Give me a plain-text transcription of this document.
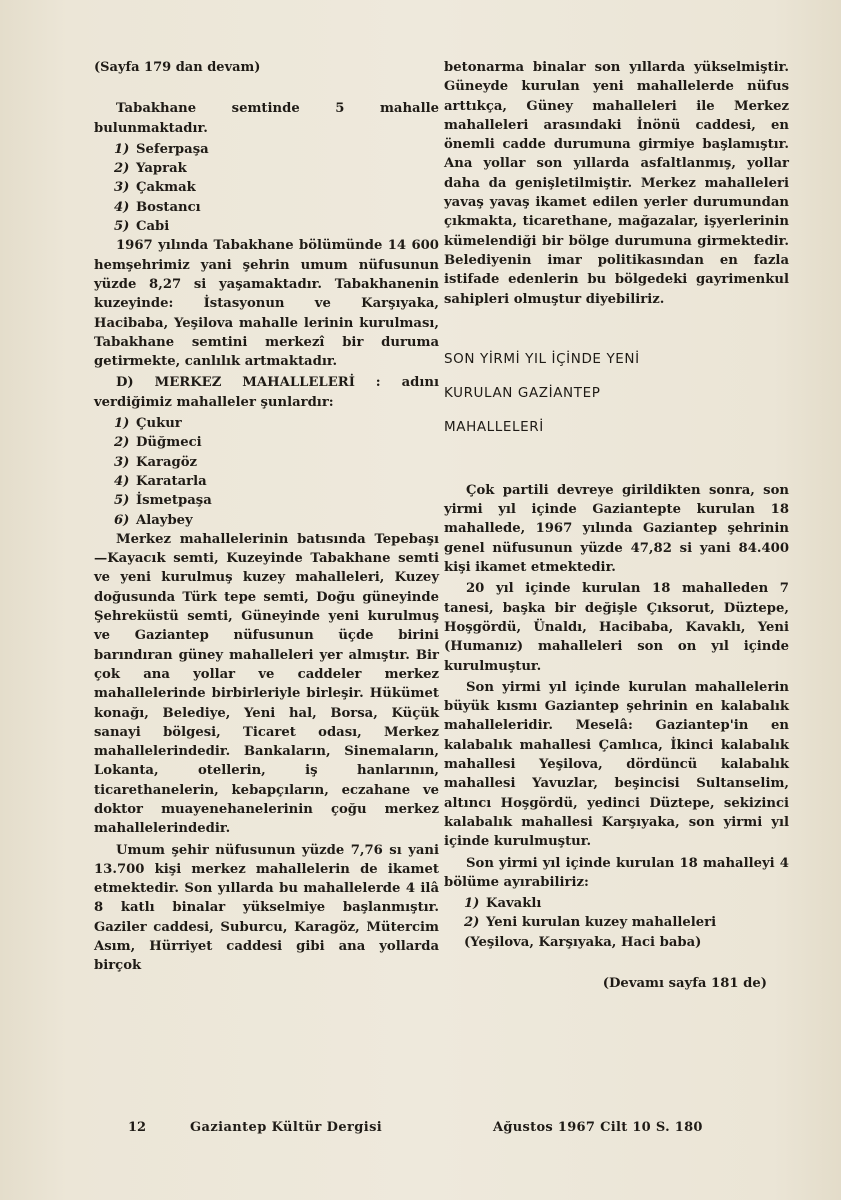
(Sayfa 179 dan devam)

Tabakhane semtinde 5 mahalle bulunmaktadır.

1) Seferpaşa
2) Yaprak
3) Çakmak
4) Bostancı
5) Cabi

1967 yılında Tabakhane bölümünde 14 600 hemşehrimiz yani şehrin umum nüfusunun yüzde 8,27 si yaşamaktadır. Tabakhanenin kuzeyinde: İstasyonun ve Karşıyaka, Hacibaba, Yeşilova mahalle lerinin kurulması, Tabakhane semtini merkezî bir duruma getirmekte, canlılık artmaktadır.

D) MERKEZ MAHALLELERİ : adını verdiğimiz mahalleler şunlardır:

1) Çukur
2) Düğmeci
3) Karagöz
4) Karatarla
5) İsmetpaşa
6) Alaybey

Merkez mahallelerinin batısında Tepebaşı—Kayacık semti, Kuzeyinde Tabakhane semti ve yeni kurulmuş kuzey mahalleleri, Kuzey doğusunda Türk tepe semti, Doğu güneyinde Şehreküstü semti, Güneyinde yeni kurulmuş ve Gaziantep nüfusunun üçde birini barındıran güney mahalleleri yer almıştır. Bir çok ana yollar ve caddeler merkez mahallelerinde birbirleriyle birleşir. Hükümet konağı, Belediye, Yeni hal, Borsa, Küçük sanayi bölgesi, Ticaret odası, Merkez mahallelerindedir. Bankaların, Sinemaların, Lokanta, otellerin, iş hanlarının, ticarethanelerin, kebapçıların, eczahane ve doktor muayenehanelerinin çoğu merkez mahallelerindedir.

Umum şehir nüfusunun yüzde 7,76 sı yani 13.700 kişi merkez mahallelerin de ikamet etmektedir. Son yıllarda bu mahallelerde 4 ilâ 8 katlı binalar yükselmiye başlanmıştır. Gaziler caddesi, Suburcu, Karagöz, Mütercim Asım, Hürriyet caddesi gibi ana yollarda birçok

betonarma binalar son yıllarda yükselmiştir. Güneyde kurulan yeni mahallelerde nüfus arttıkça, Güney mahalleleri ile Merkez mahalleleri arasındaki İnönü caddesi, en önemli cadde durumuna girmiye başlamıştır. Ana yollar son yıllarda asfaltlanmış, yollar daha da genişletilmiştir. Merkez mahalleleri yavaş yavaş ikamet edilen yerler durumundan çıkmakta, ticarethane, mağazalar, işyerlerinin kümelendiği bir bölge durumuna girmektedir. Belediyenin imar politikasından en fazla istifade edenlerin bu bölgedeki gayrimenkul sahipleri olmuştur diyebiliriz.

SON YİRMİ YIL İÇİNDE YENİ

KURULAN GAZİANTEP

MAHALLELERİ

Çok partili devreye girildikten sonra, son yirmi yıl içinde Gaziantepte kurulan 18 mahallede, 1967 yılında Gaziantep şehrinin genel nüfusunun yüzde 47,82 si yani 84.400 kişi ikamet etmektedir.

20 yıl içinde kurulan 18 mahalleden 7 tanesi, başka bir değişle Çıksorut, Düztepe, Hoşgördü, Ünaldı, Hacibaba, Kavaklı, Yeni (Humanız) mahalleleri son on yıl içinde kurulmuştur.

Son yirmi yıl içinde kurulan mahallelerin büyük kısmı Gaziantep şehrinin en kalabalık mahalleleridir. Meselâ: Gaziantep'in en kalabalık mahallesi Çamlıca, İkinci kalabalık mahallesi Yeşilova, dördüncü kalabalık mahallesi Yavuzlar, beşincisi Sultanselim, altıncı Hoşgördü, yedinci Düztepe, sekizinci kalabalık mahallesi Karşıyaka, son yirmi yıl içinde kurulmuştur.

Son yirmi yıl içinde kurulan 18 mahalleyi 4 bölüme ayırabiliriz:

1) Kavaklı
2) Yeni kurulan kuzey mahalleleri (Yeşilova, Karşıyaka, Haci baba)

(Devamı sayfa 181 de)

12	Gaziantep Kültür Dergisi	Ağustos 1967 Cilt 10 S. 180
